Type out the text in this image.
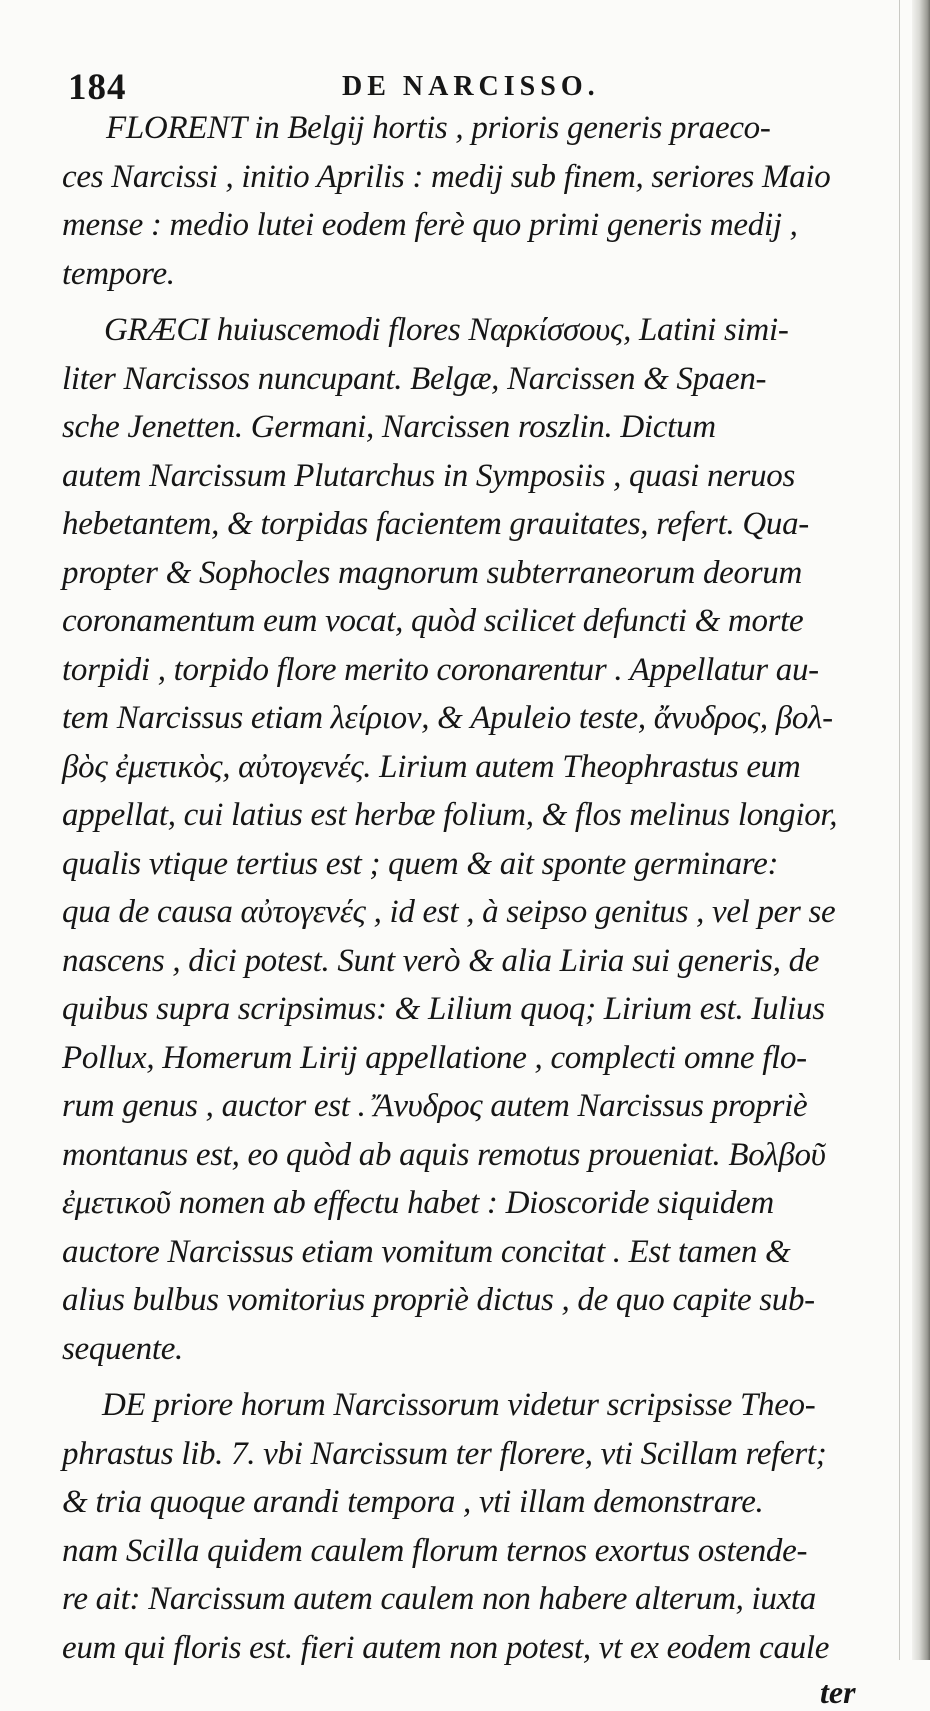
184	DE NARCISSO.
FLORENT in Belgij hortis , prioris generis praeco-
ces Narcissi , initio Aprilis : medij sub finem, seriores Maio
mense : medio lutei eodem ferè quo primi generis medij ,
tempore.
GRÆCI huiuscemodi flores Ναρκίσσους, Latini simi-
liter Narcissos nuncupant. Belgæ, Narcissen & Spaen-
sche Jenetten. Germani, Narcissen roszlin. Dictum
autem Narcissum Plutarchus in Symposiis , quasi neruos
hebetantem, & torpidas facientem grauitates, refert. Qua-
propter & Sophocles magnorum subterraneorum deorum
coronamentum eum vocat, quòd scilicet defuncti & morte
torpidi , torpido flore merito coronarentur . Appellatur au-
tem Narcissus etiam λείριον, & Apuleio teste, ἄνυδρος, βολ-
βὸς ἐμετικὸς, αὐτογενές. Lirium autem Theophrastus eum
appellat, cui latius est herbæ folium, & flos melinus longior,
qualis vtique tertius est ; quem & ait sponte germinare:
qua de causa αὐτογενές , id est , à seipso genitus , vel per se
nascens , dici potest. Sunt verò & alia Liria sui generis, de
quibus supra scripsimus: & Lilium quoq; Lirium est. Iulius
Pollux, Homerum Lirij appellatione , complecti omne flo-
rum genus , auctor est . Ἄνυδρος autem Narcissus propriè
montanus est, eo quòd ab aquis remotus proueniat. Βολβοῦ
ἐμετικοῦ nomen ab effectu habet : Dioscoride siquidem
auctore Narcissus etiam vomitum concitat . Est tamen &
alius bulbus vomitorius propriè dictus , de quo capite sub-
sequente.
DE priore horum Narcissorum videtur scripsisse Theo-
phrastus lib. 7. vbi Narcissum ter florere, vti Scillam refert;
& tria quoque arandi tempora , vti illam demonstrare.
nam Scilla quidem caulem florum ternos exortus ostende-
re ait: Narcissum autem caulem non habere alterum, iuxta
eum qui floris est. fieri autem non potest, vt ex eodem caule
ter
